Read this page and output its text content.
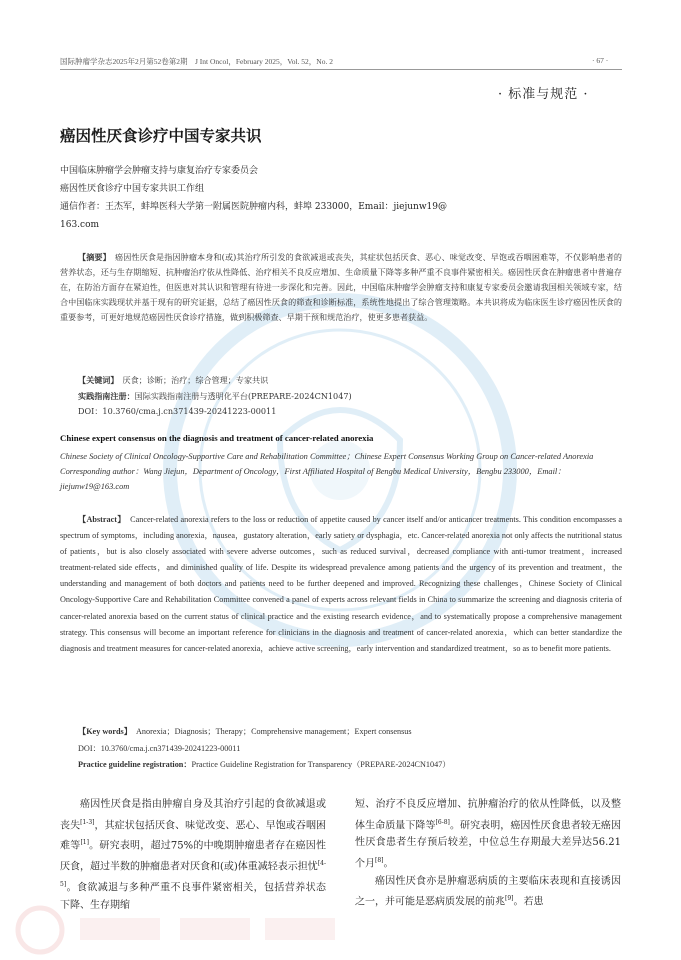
国际肿瘤学杂志2025年2月第52卷第2期　J Int Oncol，February 2025，Vol. 52，No. 2	· 67 ·
· 标准与规范 ·
癌因性厌食诊疗中国专家共识
中国临床肿瘤学会肿瘤支持与康复治疗专家委员会
癌因性厌食诊疗中国专家共识工作组
通信作者：王杰军，蚌埠医科大学第一附属医院肿瘤内科，蚌埠 233000，Email：jiejunw19@
163.com

【摘要】　 癌因性厌食是指因肿瘤本身和(或)其治疗所引发的食欲减退或丧失，其症状包括厌食、恶心、味觉改变、早饱或吞咽困难等，不仅影响患者的营养状态，还与生存期缩短、抗肿瘤治疗依从性降低、治疗相关不良反应增加、生命质量下降等多种严重不良事件紧密相关。癌因性厌食在肿瘤患者中普遍存在，在防治方面存在紧迫性，但医患对其认识和管理有待进一步深化和完善。因此，中国临床肿瘤学会肿瘤支持和康复专家委员会邀请我国相关领域专家，结合中国临床实践现状并基于现有的研究证据，总结了癌因性厌食的筛查和诊断标准，系统性地提出了综合管理策略。本共识将成为临床医生诊疗癌因性厌食的重要参考，可更好地规范癌因性厌食诊疗措施，做到积极筛查、早期干预和规范治疗，使更多患者获益。

【关键词】　 厌食；诊断；治疗；综合管理；专家共识
实践指南注册：国际实践指南注册与透明化平台(PREPARE-2024CN1047)
DOI：10.3760/cma.j.cn371439-20241223-00011
Chinese expert consensus on the diagnosis and treatment of cancer-related anorexia
Chinese Society of Clinical Oncology-Supportive Care and Rehabilitation Committee；Chinese Expert Consensus Working Group on Cancer-related Anorexia
Corresponding author：Wang Jiejun，Department of Oncology，First Affiliated Hospital of Bengbu Medical University，Bengbu 233000，Email：jiejunw19@163.com

【Abstract】　 Cancer-related anorexia refers to the loss or reduction of appetite caused by cancer itself and/or anticancer treatments. This condition encompasses a spectrum of symptoms，including anorexia，nausea，gustatory alteration，early satiety or dysphagia，etc. Cancer-related anorexia not only affects the nutritional status of patients，but is also closely associated with severe adverse outcomes，such as reduced survival，decreased compliance with anti-tumor treatment，increased treatment-related side effects，and diminished quality of life. Despite its widespread prevalence among patients and the urgency of its prevention and treatment，the understanding and management of both doctors and patients need to be further deepened and improved. Recognizing these challenges，Chinese Society of Clinical Oncology-Supportive Care and Rehabilitation Committee convened a panel of experts across relevant fields in China to summarize the screening and diagnosis criteria of cancer-related anorexia based on the current status of clinical practice and the existing research evidence，and to systematically propose a comprehensive management strategy. This consensus will become an important reference for clinicians in the diagnosis and treatment of cancer-related anorexia，which can better standardize the diagnosis and treatment measures for cancer-related anorexia，achieve active screening，early intervention and standardized treatment，so as to benefit more patients.

【Key words】　 Anorexia；Diagnosis；Therapy；Comprehensive management；Expert consensus
DOI：10.3760/cma.j.cn371439-20241223-00011
Practice guideline registration：Practice Guideline Registration for Transparency（PREPARE-2024CN1047）

癌因性厌食是指由肿瘤自身及其治疗引起的食欲减退或丧失[1-3]，其症状包括厌食、味觉改变、恶心、早饱或吞咽困难等[1]。研究表明，超过75%的中晚期肿瘤患者存在癌因性厌食，超过半数的肿瘤患者对厌食和(或)体重减轻表示担忧[4-5]。食欲减退与多种严重不良事件紧密相关，包括营养状态下降、生存期缩

短、治疗不良反应增加、抗肿瘤治疗的依从性降低，以及整体生命质量下降等[6-8]。研究表明，癌因性厌食患者较无癌因性厌食患者生存预后较差，中位总生存期最大差异达56.21个月[8]。

癌因性厌食亦是肿瘤恶病质的主要临床表现和直接诱因之一，并可能是恶病质发展的前兆[9]。若患
